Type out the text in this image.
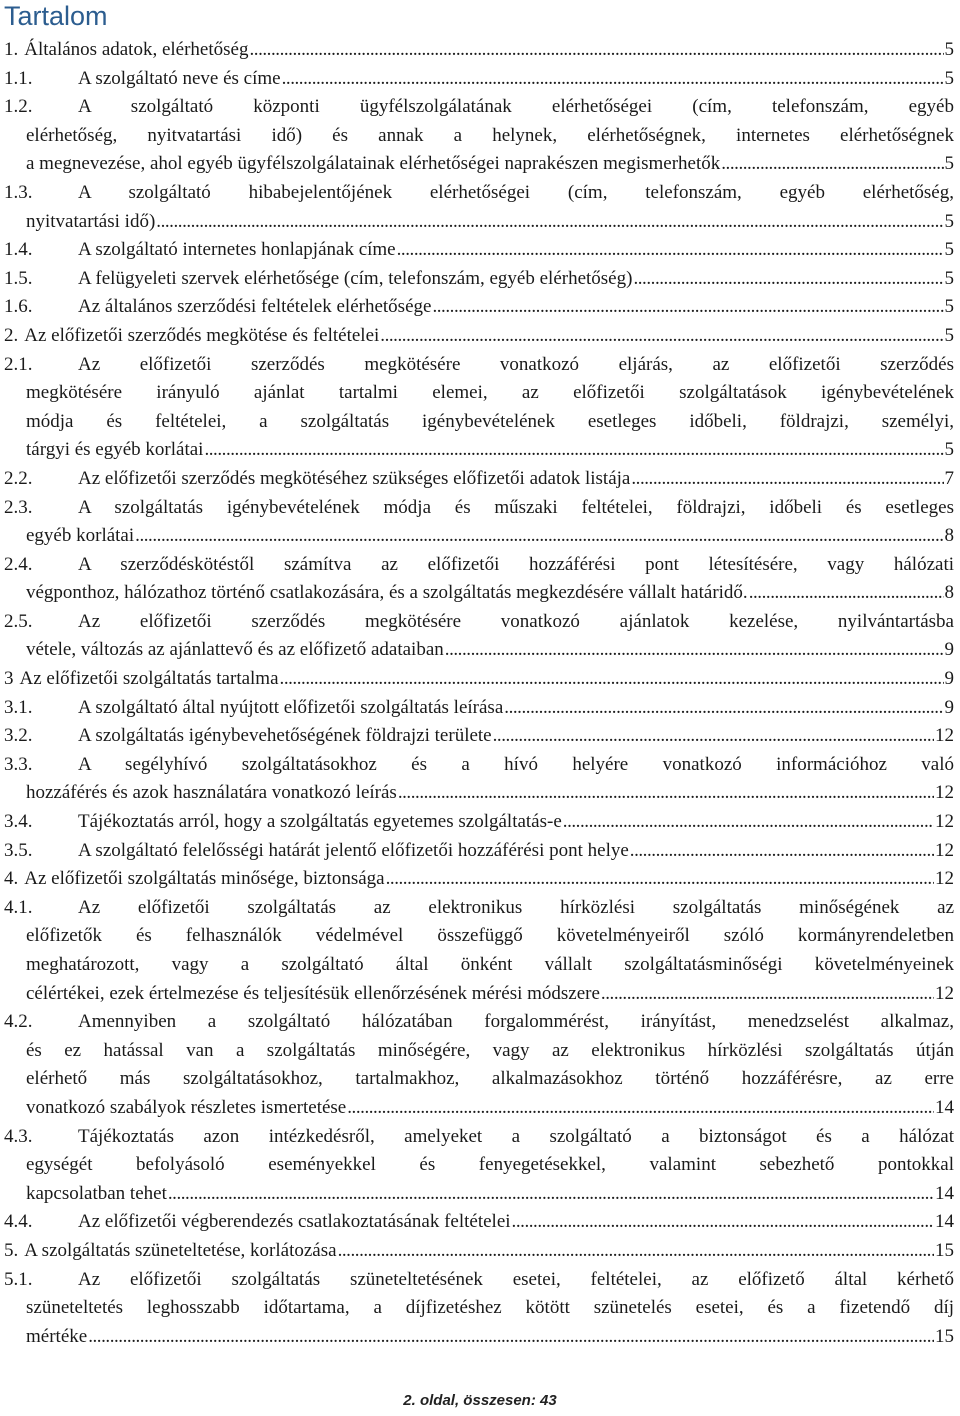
Tartalom
1. Általános adatok, elérhetőség . . .	5
1.1.	A szolgáltató neve és címe . . .	5
1.2.	A szolgáltató központi ügyfélszolgálatának elérhetőségei (cím, telefonszám, egyéb
elérhetőség, nyitvatartási idő) és annak a helynek, elérhetőségnek, internetes elérhetőségnek
a megnevezése, ahol egyéb ügyfélszolgálatainak elérhetőségei naprakészen megismerhetők . . .	5
1.3.	A szolgáltató hibabejelentőjének elérhetőségei (cím, telefonszám, egyéb elérhetőség,
nyitvatartási idő) . . .	5
1.4.	A szolgáltató internetes honlapjának címe . . .	5
1.5.	A felügyeleti szervek elérhetősége (cím, telefonszám, egyéb elérhetőség) . . .	5
1.6.	Az általános szerződési feltételek elérhetősége . . .	5
2. Az előfizetői szerződés megkötése és feltételei . . .	5
2.1.	Az előfizetői szerződés megkötésére vonatkozó eljárás, az előfizetői szerződés
megkötésére irányuló ajánlat tartalmi elemei, az előfizetői szolgáltatások igénybevételének
módja és feltételei, a szolgáltatás igénybevételének esetleges időbeli, földrajzi, személyi,
tárgyi és egyéb korlátai . . .	5
2.2.	Az előfizetői szerződés megkötéséhez szükséges előfizetői adatok listája . . .	7
2.3.	A szolgáltatás igénybevételének módja és műszaki feltételei, földrajzi, időbeli és esetleges
egyéb korlátai . . .	8
2.4.	A szerződéskötéstől számítva az előfizetői hozzáférési pont létesítésére, vagy hálózati
végponthoz, hálózathoz történő csatlakozására, és a szolgáltatás megkezdésére vállalt határidő. . . .	8
2.5.	Az előfizetői szerződés megkötésére vonatkozó ajánlatok kezelése, nyilvántartásba
vétele, változás az ajánlattevő és az előfizető adataiban . . .	9
3 Az előfizetői szolgáltatás tartalma . . .	9
3.1.	A szolgáltató által nyújtott előfizetői szolgáltatás leírása . . .	9
3.2.	A szolgáltatás igénybevehetőségének földrajzi területe . . .	12
3.3.	A segélyhívó szolgáltatásokhoz és a hívó helyére vonatkozó információhoz való
hozzáférés és azok használatára vonatkozó leírás . . .	12
3.4.	Tájékoztatás arról, hogy a szolgáltatás egyetemes szolgáltatás-e . . .	12
3.5.	A szolgáltató felelősségi határát jelentő előfizetői hozzáférési pont helye . . .	12
4. Az előfizetői szolgáltatás minősége, biztonsága . . .	12
4.1.	Az előfizetői szolgáltatás az elektronikus hírközlési szolgáltatás minőségének az
előfizetők és felhasználók védelmével összefüggő követelményeiről szóló kormányrendeletben
meghatározott, vagy a szolgáltató által önként vállalt szolgáltatásminőségi követelményeinek
célértékei, ezek értelmezése és teljesítésük ellenőrzésének mérési módszere . . .	12
4.2.	Amennyiben a szolgáltató hálózatában forgalommérést, irányítást, menedzselést alkalmaz,
és ez hatással van a szolgáltatás minőségére, vagy az elektronikus hírközlési szolgáltatás útján
elérhető más szolgáltatásokhoz, tartalmakhoz, alkalmazásokhoz történő hozzáférésre, az erre
vonatkozó szabályok részletes ismertetése . . .	14
4.3.	Tájékoztatás azon intézkedésről, amelyeket a szolgáltató a biztonságot és a hálózat
egységét befolyásoló eseményekkel és fenyegetésekkel, valamint sebezhető pontokkal
kapcsolatban tehet . . .	14
4.4.	Az előfizetői végberendezés csatlakoztatásának feltételei . . .	14
5. A szolgáltatás szüneteltetése, korlátozása . . .	15
5.1.	Az előfizetői szolgáltatás szüneteltetésének esetei, feltételei, az előfizető által kérhető
szüneteltetés leghosszabb időtartama, a díjfizetéshez kötött szünetelés esetei, és a fizetendő díj
mértéke . . .	15
2. oldal, összesen: 43
